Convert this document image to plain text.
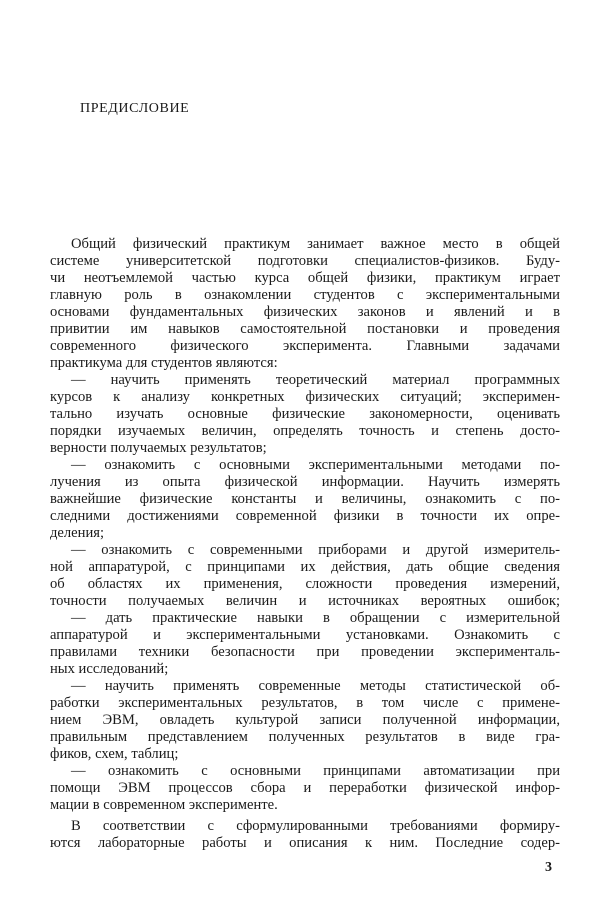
ПРЕДИСЛОВИЕ
Общий физический практикум занимает важное место в общей
системе университетской подготовки специалистов-физиков. Буду-
чи неотъемлемой частью курса общей физики, практикум играет
главную роль в ознакомлении студентов с экспериментальными
основами фундаментальных физических законов и явлений и в
привитии им навыков самостоятельной постановки и проведения
современного физического эксперимента. Главными задачами
практикума для студентов являются:
— научить применять теоретический материал программных
курсов к анализу конкретных физических ситуаций; эксперимен-
тально изучать основные физические закономерности, оценивать
порядки изучаемых величин, определять точность и степень досто-
верности получаемых результатов;
— ознакомить с основными экспериментальными методами по-
лучения из опыта физической информации. Научить измерять
важнейшие физические константы и величины, ознакомить с по-
следними достижениями современной физики в точности их опре-
деления;
— ознакомить с современными приборами и другой измеритель-
ной аппаратурой, с принципами их действия, дать общие сведения
об областях их применения, сложности проведения измерений,
точности получаемых величин и источниках вероятных ошибок;
— дать практические навыки в обращении с измерительной
аппаратурой и экспериментальными установками. Ознакомить с
правилами техники безопасности при проведении эксперименталь-
ных исследований;
— научить применять современные методы статистической об-
работки экспериментальных результатов, в том числе с примене-
нием ЭВМ, овладеть культурой записи полученной информации,
правильным представлением полученных результатов в виде гра-
фиков, схем, таблиц;
— ознакомить с основными принципами автоматизации при
помощи ЭВМ процессов сбора и переработки физической инфор-
мации в современном эксперименте.
В соответствии с сформулированными требованиями формиру-
ются лабораторные работы и описания к ним. Последние содер-
3
